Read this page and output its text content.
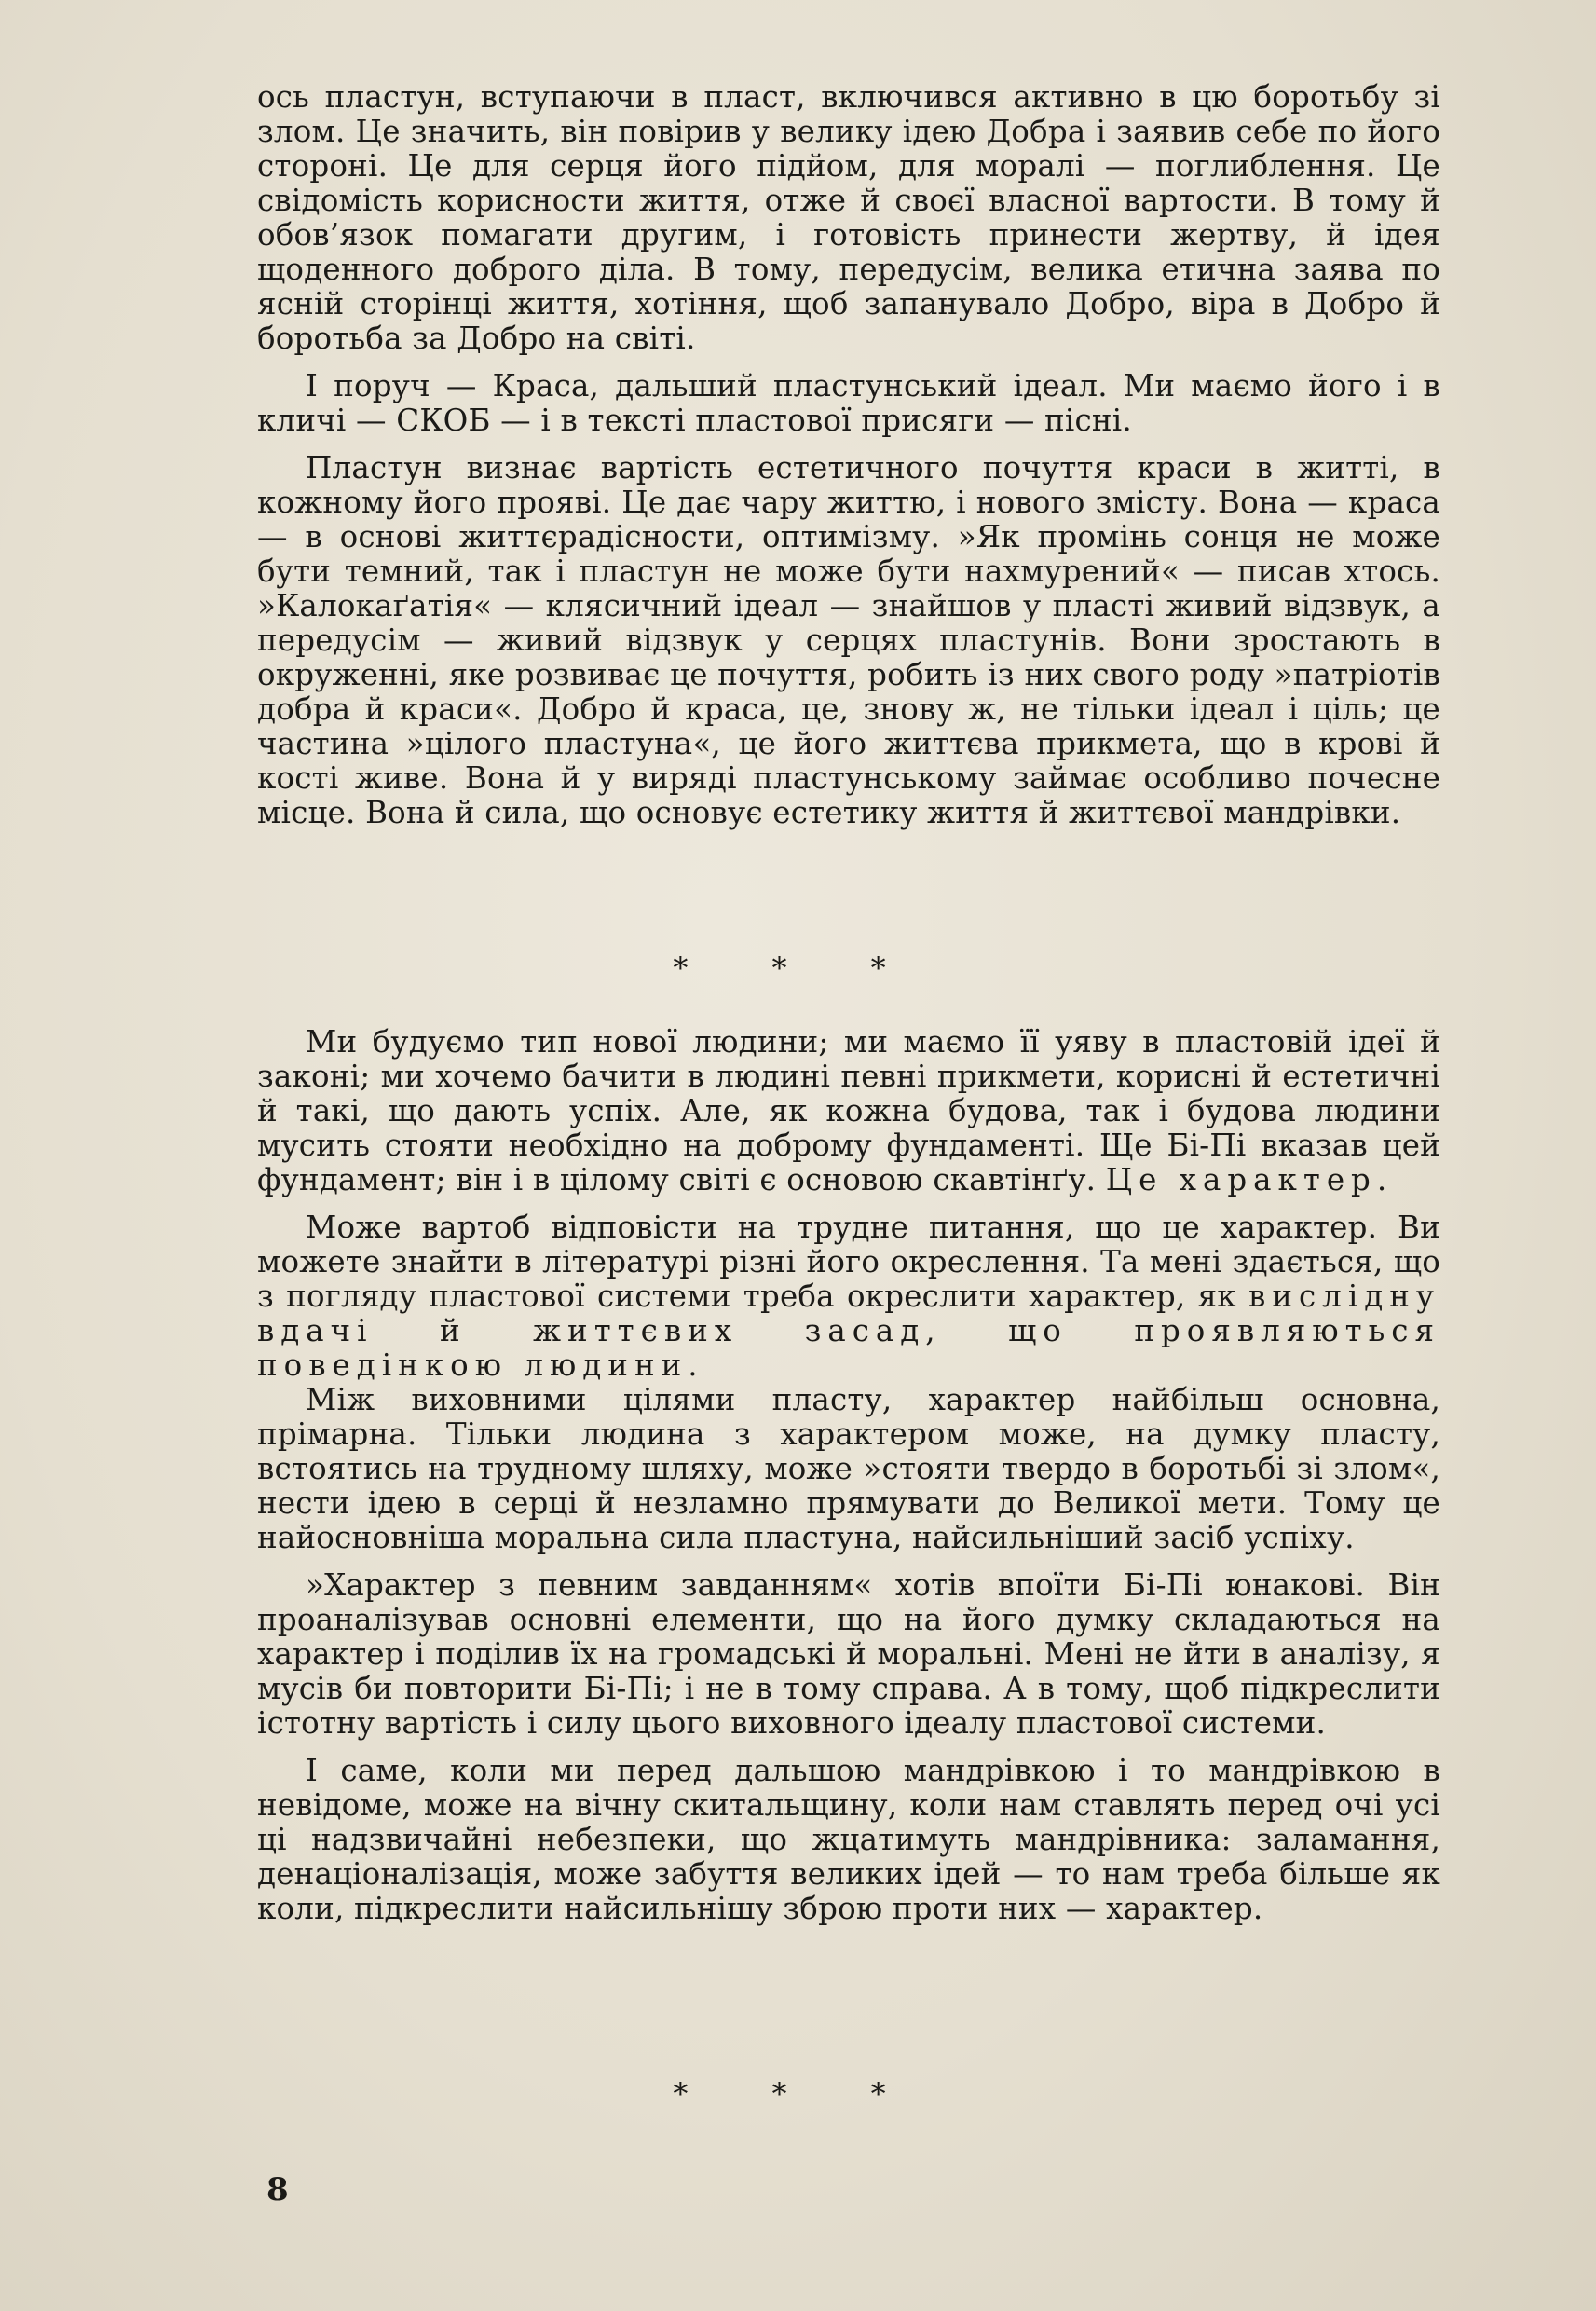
ось пластун, вступаючи в пласт, включився активно в цю боротьбу зі злом. Це значить, він повірив у велику ідею Добра і заявив себе по його стороні. Це для серця його підйом, для моралі — поглиблення. Це свідомість корисности життя, отже й своєї власної вартости. В тому й обов’язок помагати другим, і готовість принести жертву, й ідея щоденного доброго діла. В тому, передусім, велика етична заява по ясній сторінці життя, хотіння, щоб запанувало Добро, віра в Добро й боротьба за Добро на світі.

І поруч — Краса, дальший пластунський ідеал. Ми маємо його і в кличі — СКОБ — і в тексті пластової присяги — пісні.

Пластун визнає вартість естетичного почуття краси в житті, в кожному його прояві. Це дає чару життю, і нового змісту. Вона — краса — в основі життєрадісности, оптимізму. »Як промінь сонця не може бути темний, так і пластун не може бути нахмурений« — писав хтось. »Калокаґатія« — клясичний ідеал — знайшов у пласті живий відзвук, а передусім — живий відзвук у серцях пластунів. Вони зростають в окруженні, яке розвиває це почуття, робить із них свого роду »патріотів добра й краси«. Добро й краса, це, знову ж, не тільки ідеал і ціль; це частина »цілого пластуна«, це його життєва прикмета, що в крові й кості живе. Вона й у виряді пластунському займає особливо почесне місце. Вона й сила, що основує естетику життя й життєвої мандрівки.

* * *

Ми будуємо тип нової людини; ми маємо її уяву в пластовій ідеї й законі; ми хочемо бачити в людині певні прикмети, корисні й естетичні й такі, що дають успіх. Але, як кожна будова, так і будова людини мусить стояти необхідно на доброму фундаменті. Ще Бі-Пі вказав цей фундамент; він і в цілому світі є основою скавтінґу. Це характер.

Може вартоб відповісти на трудне питання, що це характер. Ви можете знайти в літературі різні його окреслення. Та мені здається, що з погляду пластової системи треба окреслити характер, як вислідну вдачі й життєвих засад, що проявляються поведінкою людини.

Між виховними цілями пласту, характер найбільш основна, прімарна. Тільки людина з характером може, на думку пласту, встоятись на трудному шляху, може »стояти твердо в боротьбі зі злом«, нести ідею в серці й незламно прямувати до Великої мети. Тому це найосновніша моральна сила пластуна, найсильніший засіб успіху.

»Характер з певним завданням« хотів впоїти Бі-Пі юнакові. Він проаналізував основні елементи, що на його думку складаються на характер і поділив їх на громадські й моральні. Мені не йти в аналізу, я мусів би повторити Бі-Пі; і не в тому справа. А в тому, щоб підкреслити істотну вартість і силу цього виховного ідеалу пластової системи.

І саме, коли ми перед дальшою мандрівкою і то мандрівкою в невідоме, може на вічну скитальщину, коли нам ставлять перед очі усі ці надзвичайні небезпеки, що жцатимуть мандрівника: заламання, денаціоналізація, може забуття великих ідей — то нам треба більше як коли, підкреслити найсильнішу зброю проти них — характер.

* * *
8
